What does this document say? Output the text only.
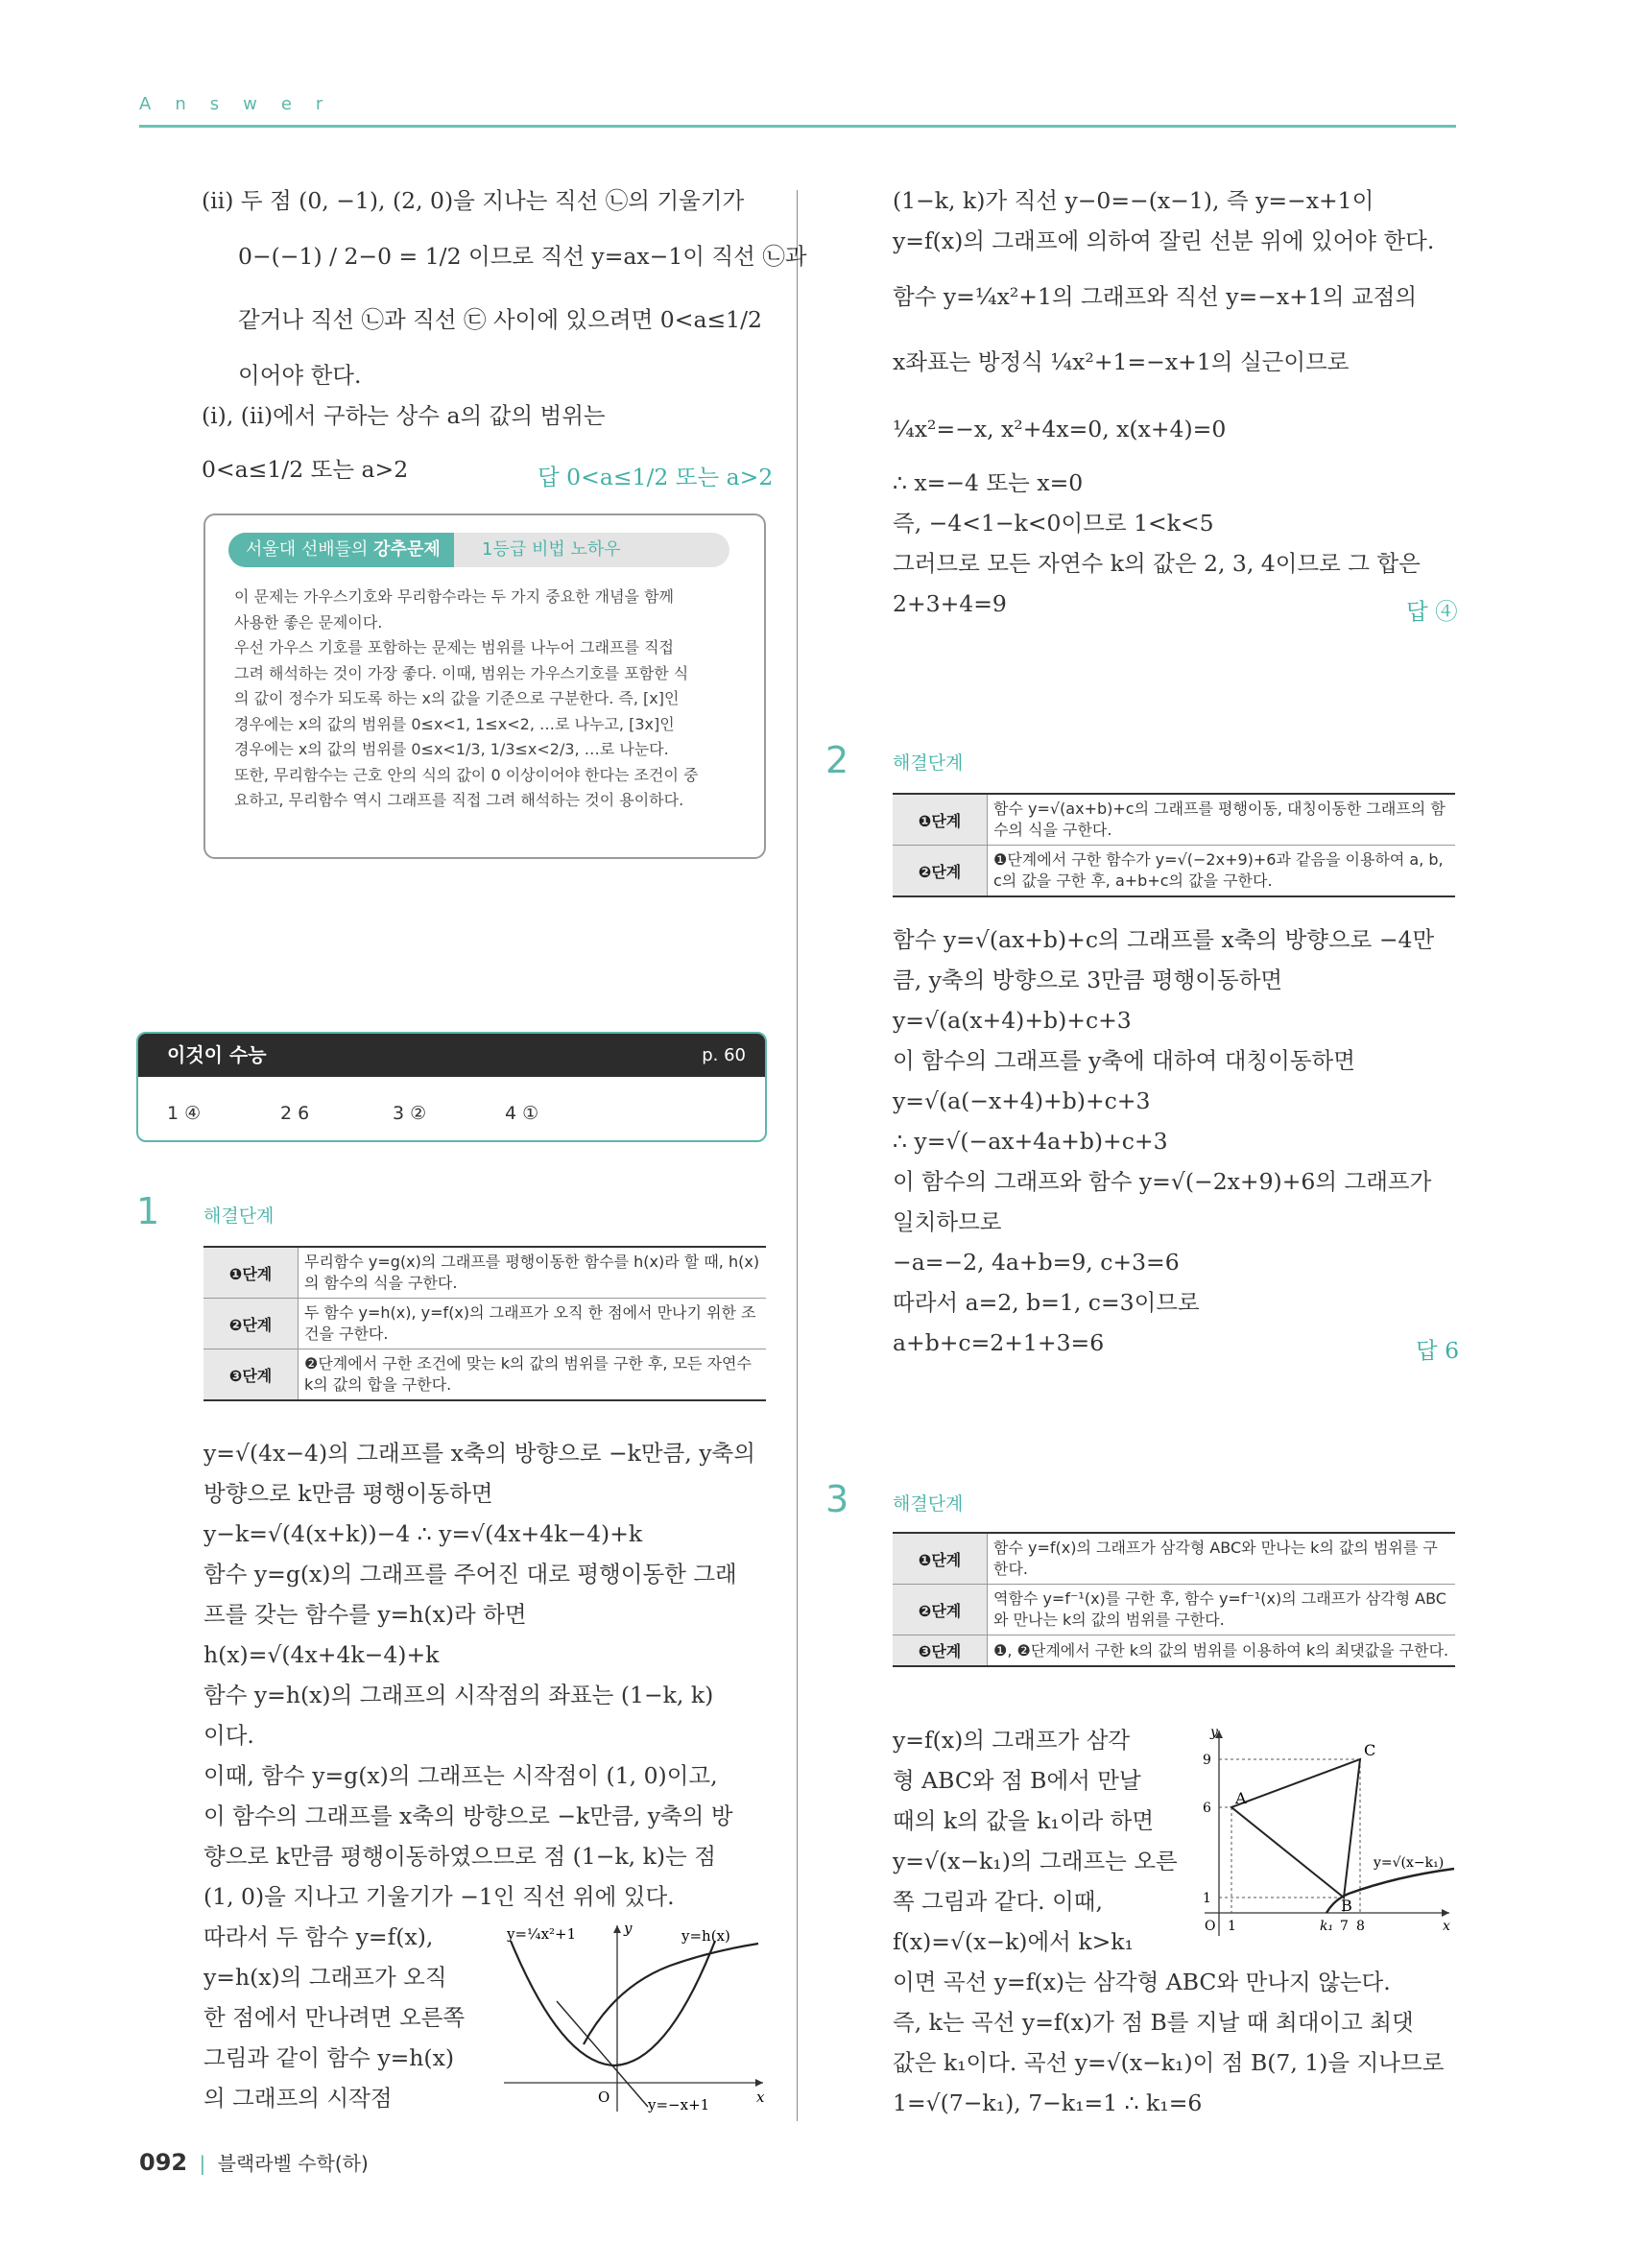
Answer
(ⅱ) 두 점 (0, −1), (2, 0)을 지나는 직선 ㉡의 기울기가
0−(−1) / 2−0 = 1/2 이므로 직선 y=ax−1이 직선 ㉡과
같거나 직선 ㉡과 직선 ㉢ 사이에 있으려면 0<a≤1/2
이어야 한다.
(ⅰ), (ⅱ)에서 구하는 상수 a의 값의 범위는
0<a≤1/2 또는 a>2	답 0<a≤1/2 또는 a>2
서울대 선배들의 강추문제	1등급 비법 노하우
이 문제는 가우스기호와 무리함수라는 두 가지 중요한 개념을 함께
사용한 좋은 문제이다.
우선 가우스 기호를 포함하는 문제는 범위를 나누어 그래프를 직접
그려 해석하는 것이 가장 좋다. 이때, 범위는 가우스기호를 포함한 식
의 값이 정수가 되도록 하는 x의 값을 기준으로 구분한다. 즉, [x]인
경우에는 x의 값의 범위를 0≤x<1, 1≤x<2, …로 나누고, [3x]인
경우에는 x의 값의 범위를 0≤x<1/3, 1/3≤x<2/3, …로 나눈다.
또한, 무리함수는 근호 안의 식의 값이 0 이상이어야 한다는 조건이 중
요하고, 무리함수 역시 그래프를 직접 그려 해석하는 것이 용이하다.
이것이 수능	p. 60
1 ④	2 6	3 ②	4 ①
1 해결단계
❶단계	무리함수 y=g(x)의 그래프를 평행이동한 함수를 h(x)라 할 때, h(x)의 함수의 식을 구한다.
❷단계	두 함수 y=h(x), y=f(x)의 그래프가 오직 한 점에서 만나기 위한 조건을 구한다.
❸단계	❷단계에서 구한 조건에 맞는 k의 값의 범위를 구한 후, 모든 자연수 k의 값의 합을 구한다.
y=√(4x−4)의 그래프를 x축의 방향으로 −k만큼, y축의
방향으로 k만큼 평행이동하면
y−k=√(4(x+k))−4 ∴ y=√(4x+4k−4)+k
함수 y=g(x)의 그래프를 주어진 대로 평행이동한 그래
프를 갖는 함수를 y=h(x)라 하면
h(x)=√(4x+4k−4)+k
함수 y=h(x)의 그래프의 시작점의 좌표는 (1−k, k)
이다.
이때, 함수 y=g(x)의 그래프는 시작점이 (1, 0)이고,
이 함수의 그래프를 x축의 방향으로 −k만큼, y축의 방
향으로 k만큼 평행이동하였으므로 점 (1−k, k)는 점
(1, 0)을 지나고 기울기가 −1인 직선 위에 있다.
따라서 두 함수 y=f(x),
y=h(x)의 그래프가 오직
한 점에서 만나려면 오른쪽
그림과 같이 함수 y=h(x)
의 그래프의 시작점
y=¼x²+1	y=h(x)
y=−x+1
O	x
y
(1−k, k)가 직선 y−0=−(x−1), 즉 y=−x+1이
y=f(x)의 그래프에 의하여 잘린 선분 위에 있어야 한다.
함수 y=¼x²+1의 그래프와 직선 y=−x+1의 교점의
x좌표는 방정식 ¼x²+1=−x+1의 실근이므로
¼x²=−x, x²+4x=0, x(x+4)=0
∴ x=−4 또는 x=0
즉, −4<1−k<0이므로 1<k<5
그러므로 모든 자연수 k의 값은 2, 3, 4이므로 그 합은
2+3+4=9	답 ④
2 해결단계
❶단계	함수 y=√(ax+b)+c의 그래프를 평행이동, 대칭이동한 그래프의 함수의 식을 구한다.
❷단계	❶단계에서 구한 함수가 y=√(−2x+9)+6과 같음을 이용하여 a, b, c의 값을 구한 후, a+b+c의 값을 구한다.
함수 y=√(ax+b)+c의 그래프를 x축의 방향으로 −4만
큼, y축의 방향으로 3만큼 평행이동하면
y=√(a(x+4)+b)+c+3
이 함수의 그래프를 y축에 대하여 대칭이동하면
y=√(a(−x+4)+b)+c+3
∴ y=√(−ax+4a+b)+c+3
이 함수의 그래프와 함수 y=√(−2x+9)+6의 그래프가
일치하므로
−a=−2, 4a+b=9, c+3=6
따라서 a=2, b=1, c=3이므로
a+b+c=2+1+3=6	답 6
3 해결단계
❶단계	함수 y=f(x)의 그래프가 삼각형 ABC와 만나는 k의 값의 범위를 구한다.
❷단계	역함수 y=f⁻¹(x)를 구한 후, 함수 y=f⁻¹(x)의 그래프가 삼각형 ABC와 만나는 k의 값의 범위를 구한다.
❸단계	❶, ❷단계에서 구한 k의 값의 범위를 이용하여 k의 최댓값을 구한다.
y=f(x)의 그래프가 삼각
형 ABC와 점 B에서 만날
때의 k의 값을 k₁이라 하면
y=√(x−k₁)의 그래프는 오른
쪽 그림과 같다. 이때,
f(x)=√(x−k)에서 k>k₁
이면 곡선 y=f(x)는 삼각형 ABC와 만나지 않는다.
즉, k는 곡선 y=f(x)가 점 B를 지날 때 최대이고 최댓
값은 k₁이다. 곡선 y=√(x−k₁)이 점 B(7, 1)을 지나므로
1=√(7−k₁), 7−k₁=1 ∴ k₁=6
A
B
C
9
6
1
1	k₁ 7 8
y=√(x−k₁)
O	x
y
092 | 블랙라벨 수학(하)
